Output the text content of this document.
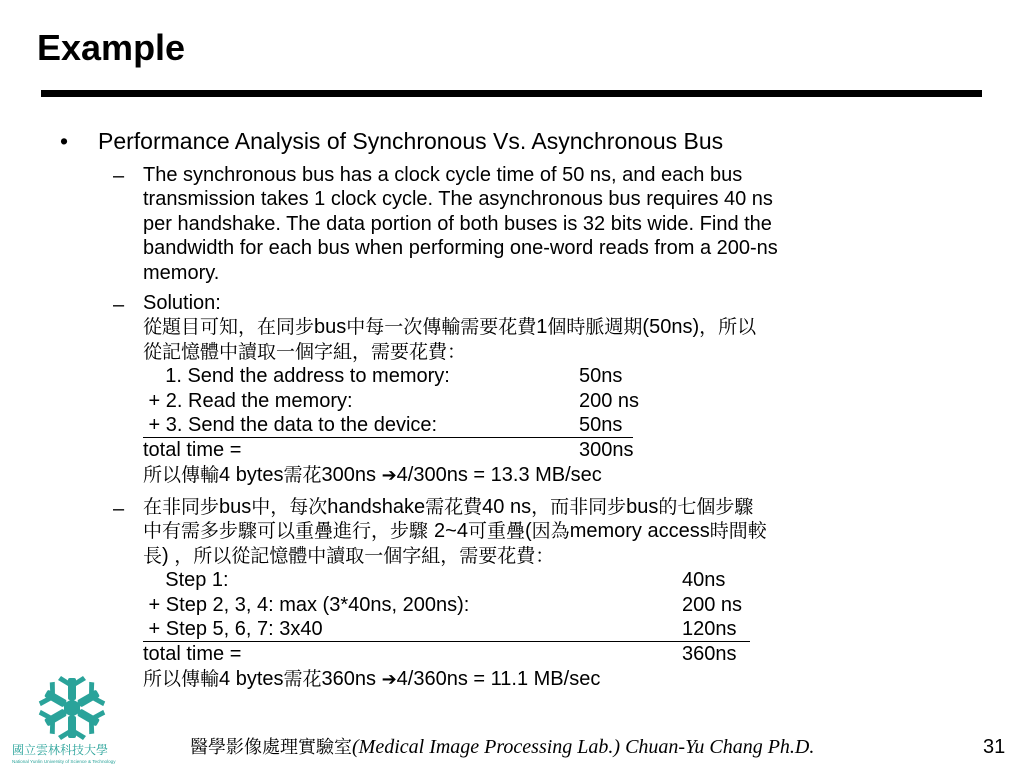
Example
• Performance Analysis of Synchronous Vs. Asynchronous Bus
– The synchronous bus has a clock cycle time of 50 ns, and each bus
transmission takes 1 clock cycle. The asynchronous bus requires 40 ns
per handshake. The data portion of both buses is 32 bits wide. Find the
bandwidth for each bus when performing one-word reads from a 200-ns
memory.
– Solution:
從題目可知，在同步bus中每一次傳輸需要花費1個時脈週期(50ns)，所以
從記憶體中讀取一個字組，需要花費：
1. Send the address to memory:	50ns
+ 2. Read the memory:	200 ns
+ 3. Send the data to the device:	50ns
total time =	300ns
所以傳輸4 bytes需花300ns ➔4/300ns = 13.3 MB/sec
– 在非同步bus中，每次handshake需花費40 ns，而非同步bus的七個步驟
中有需多步驟可以重疊進行，步驟 2~4可重疊(因為memory access時間較
長) ，所以從記憶體中讀取一個字組，需要花費：
Step 1:	40ns
+ Step 2, 3, 4: max (3*40ns, 200ns):	200 ns
+ Step 5, 6, 7: 3x40	120ns
total time =	360ns
所以傳輸4 bytes需花360ns ➔4/360ns = 11.1 MB/sec
國立雲林科技大學
National Yunlin University of Science & Technology
醫學影像處理實驗室(Medical Image Processing Lab.) Chuan-Yu Chang Ph.D.	31
